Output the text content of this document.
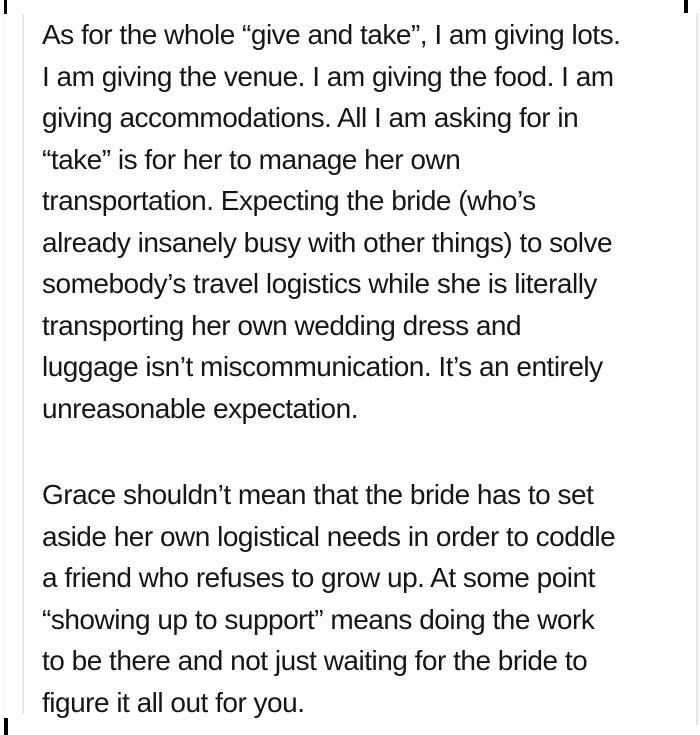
As for the whole “give and take”, I am giving lots.
I am giving the venue. I am giving the food. I am
giving accommodations. All I am asking for in
“take” is for her to manage her own
transportation. Expecting the bride (who’s
already insanely busy with other things) to solve
somebody’s travel logistics while she is literally
transporting her own wedding dress and
luggage isn’t miscommunication. It’s an entirely
unreasonable expectation.

Grace shouldn’t mean that the bride has to set
aside her own logistical needs in order to coddle
a friend who refuses to grow up. At some point
“showing up to support” means doing the work
to be there and not just waiting for the bride to
figure it all out for you.
